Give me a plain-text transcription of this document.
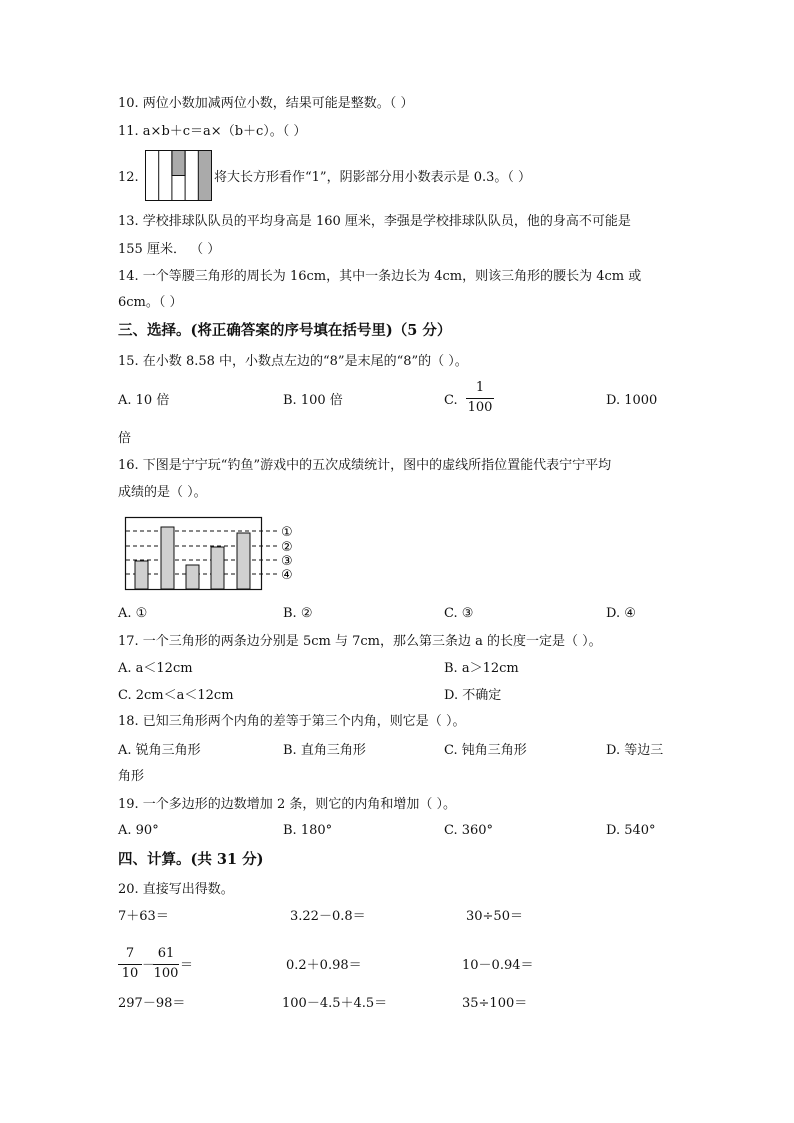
10. 两位小数加减两位小数，结果可能是整数。（ ）
11. a×b＋c＝a×（b＋c）。（ ）
12.	将大长方形看作“1”，阴影部分用小数表示是 0.3。（ ）
13. 学校排球队队员的平均身高是 160 厘米，李强是学校排球队队员，他的身高不可能是
155 厘米． （ ）
14. 一个等腰三角形的周长为 16cm，其中一条边长为 4cm，则该三角形的腰长为 4cm 或
6cm。（ ）
三、选择。(将正确答案的序号填在括号里)（5 分）
15. 在小数 8.58 中，小数点左边的“8”是末尾的“8”的（ ）。
A. 10 倍	B. 100 倍	C.
1
100	D. 1000
倍
16. 下图是宁宁玩“钓鱼”游戏中的五次成绩统计，图中的虚线所指位置能代表宁宁平均
成绩的是（ ）。
①
②
③
④
A. ①	B. ②	C. ③	D. ④
17. 一个三角形的两条边分别是 5cm 与 7cm，那么第三条边 a 的长度一定是（ ）。
A. a＜12cm	B. a＞12cm
C. 2cm＜a＜12cm	D. 不确定
18. 已知三角形两个内角的差等于第三个内角，则它是（ ）。
A. 锐角三角形	B. 直角三角形	C. 钝角三角形	D. 等边三
角形
19. 一个多边形的边数增加 2 条，则它的内角和增加（ ）。
A. 90°	B. 180°	C. 360°	D. 540°
四、计算。(共 31 分)
20. 直接写出得数。
7＋63＝	3.22－0.8＝	30÷50＝
7
10
－
61
100
＝	0.2＋0.98＝	10－0.94＝
297－98＝	100－4.5＋4.5＝	35÷100＝
